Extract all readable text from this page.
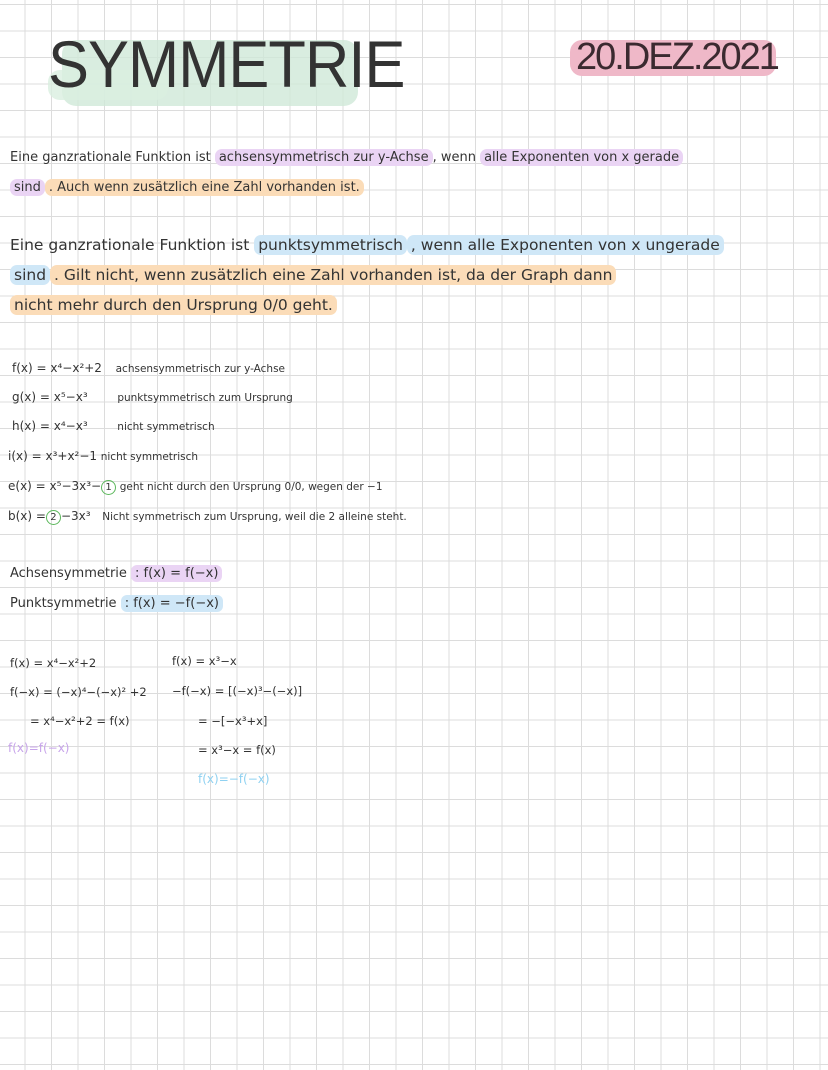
SYMMETRIE	20.DEZ.2021
Eine ganzrationale Funktion ist achsensymmetrisch zur y-Achse , wenn alle Exponenten von x gerade
sind . Auch wenn zusätzlich eine Zahl vorhanden ist.
Eine ganzrationale Funktion ist punktsymmetrisch , wenn alle Exponenten von x ungerade
sind . Gilt nicht, wenn zusätzlich eine Zahl vorhanden ist, da der Graph dann
nicht mehr durch den Ursprung 0/0 geht.
f(x) = x⁴−x²+2 achsensymmetrisch zur y-Achse
g(x) = x⁵−x³	punktsymmetrisch zum Ursprung
h(x) = x⁴−x³	nicht symmetrisch
i(x) = x³+x²−1 nicht symmetrisch
e(x) = x⁵−3x³− 1 geht nicht durch den Ursprung 0/0, wegen der −1
b(x) = 2 −3x³ Nicht symmetrisch zum Ursprung, weil die 2 alleine steht.
Achsensymmetrie : f(x) = f(−x)
Punktsymmetrie : f(x) = −f(−x)
f(x) = x⁴−x²+2
f(−x) = (−x)⁴−(−x)² +2
= x⁴−x²+2 = f(x)
f(x)=f(−x)
f(x) = x³−x
−f(−x) = [(−x)³−(−x)]
= −[−x³+x]
= x³−x = f(x)
f(x)=−f(−x)
